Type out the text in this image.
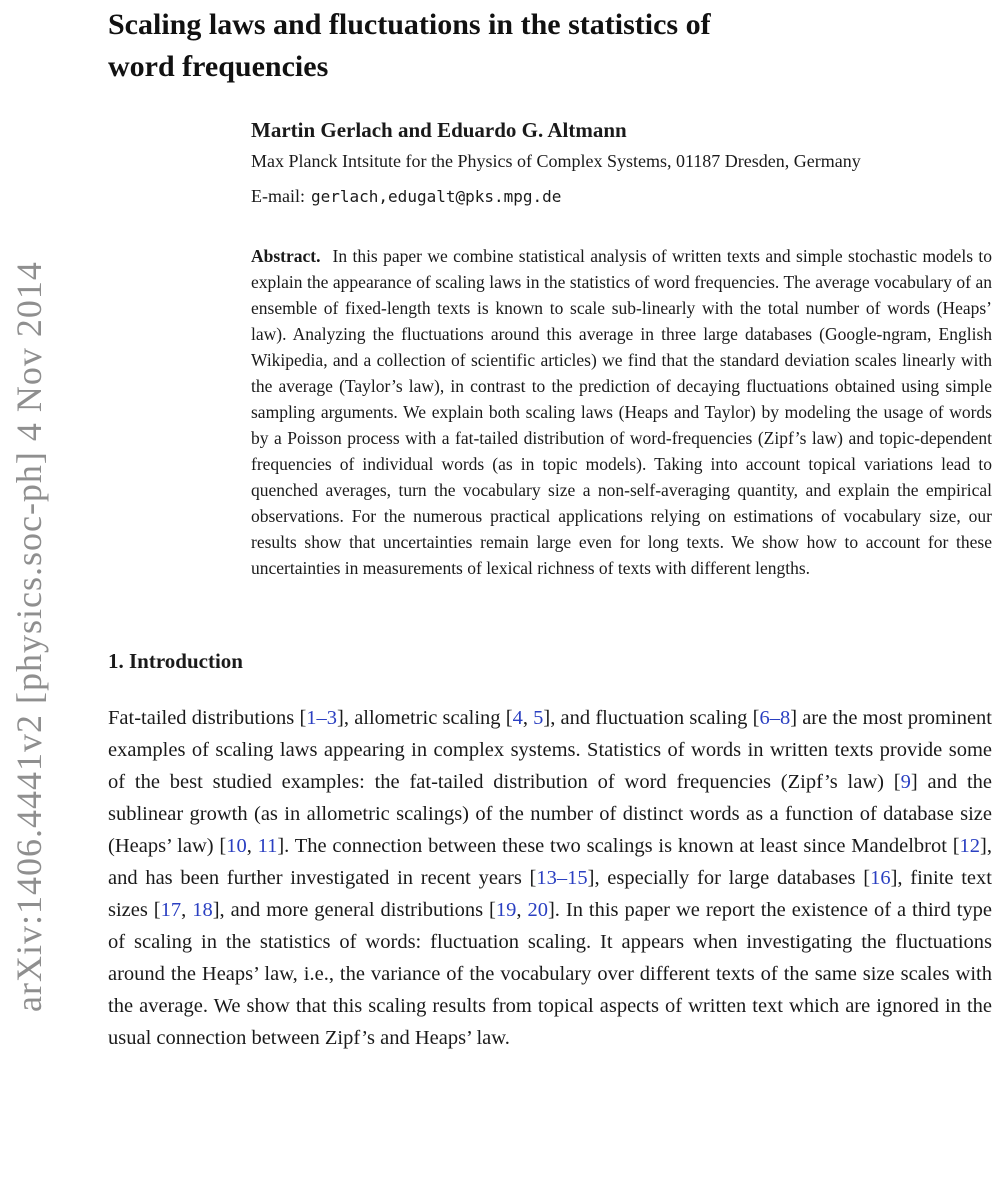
arXiv:1406.4441v2 [physics.soc-ph] 4 Nov 2014
Scaling laws and fluctuations in the statistics of
word frequencies
Martin Gerlach and Eduardo G. Altmann
Max Planck Intsitute for the Physics of Complex Systems, 01187 Dresden, Germany
E-mail: gerlach,edugalt@pks.mpg.de

Abstract. In this paper we combine statistical analysis of written texts and simple stochastic models to explain the appearance of scaling laws in the statistics of word frequencies. The average vocabulary of an ensemble of fixed-length texts is known to scale sub-linearly with the total number of words (Heaps’ law). Analyzing the fluctuations around this average in three large databases (Google-ngram, English Wikipedia, and a collection of scientific articles) we find that the standard deviation scales linearly with the average (Taylor’s law), in contrast to the prediction of decaying fluctuations obtained using simple sampling arguments. We explain both scaling laws (Heaps and Taylor) by modeling the usage of words by a Poisson process with a fat-tailed distribution of word-frequencies (Zipf’s law) and topic-dependent frequencies of individual words (as in topic models). Taking into account topical variations lead to quenched averages, turn the vocabulary size a non-self-averaging quantity, and explain the empirical observations. For the numerous practical applications relying on estimations of vocabulary size, our results show that uncertainties remain large even for long texts. We show how to account for these uncertainties in measurements of lexical richness of texts with different lengths.

1. Introduction

Fat-tailed distributions [1–3], allometric scaling [4, 5], and fluctuation scaling [6–8] are the most prominent examples of scaling laws appearing in complex systems. Statistics of words in written texts provide some of the best studied examples: the fat-tailed distribution of word frequencies (Zipf’s law) [9] and the sublinear growth (as in allometric scalings) of the number of distinct words as a function of database size (Heaps’ law) [10, 11]. The connection between these two scalings is known at least since Mandelbrot [12], and has been further investigated in recent years [13–15], especially for large databases [16], finite text sizes [17, 18], and more general distributions [19, 20]. In this paper we report the existence of a third type of scaling in the statistics of words: fluctuation scaling. It appears when investigating the fluctuations around the Heaps’ law, i.e., the variance of the vocabulary over different texts of the same size scales with the average. We show that this scaling results from topical aspects of written text which are ignored in the usual connection between Zipf’s and Heaps’ law.
